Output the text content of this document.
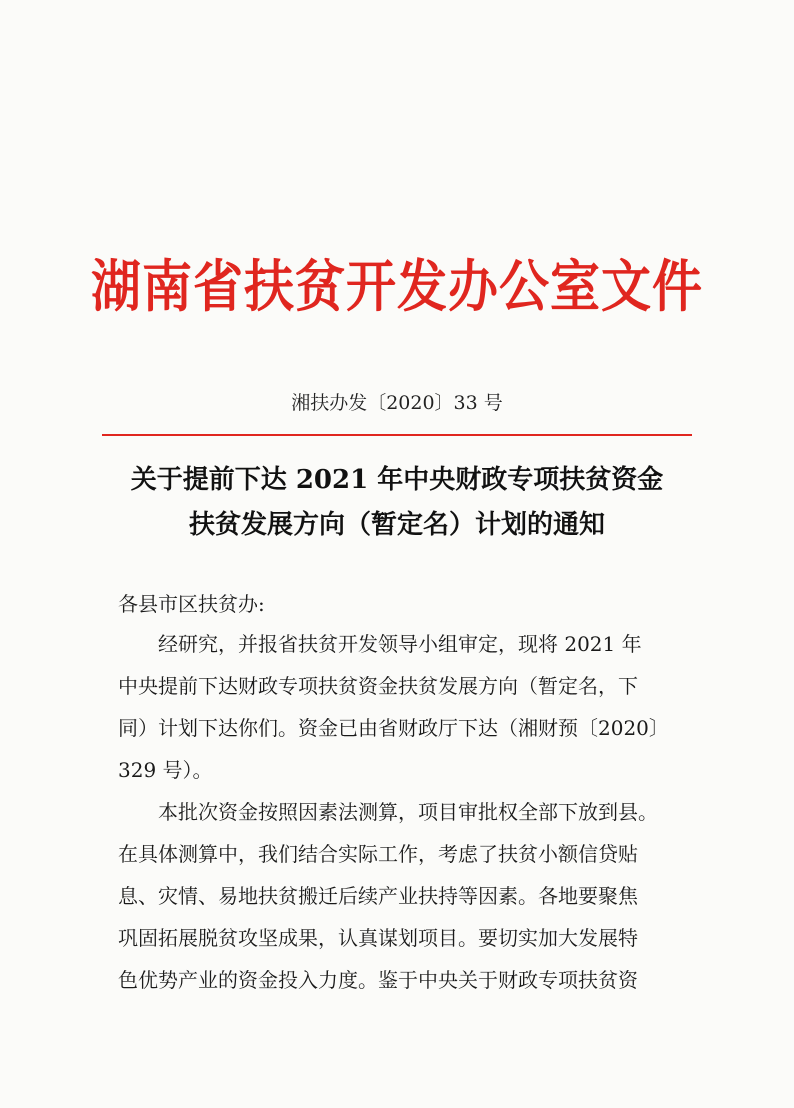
湖南省扶贫开发办公室文件
湘扶办发〔2020〕33 号
关于提前下达 2021 年中央财政专项扶贫资金
扶贫发展方向（暂定名）计划的通知
各县市区扶贫办:
　　经研究，并报省扶贫开发领导小组审定，现将 2021 年
中央提前下达财政专项扶贫资金扶贫发展方向（暂定名，下
同）计划下达你们。资金已由省财政厅下达（湘财预〔2020〕
329 号）。
　　本批次资金按照因素法测算，项目审批权全部下放到县。
在具体测算中，我们结合实际工作，考虑了扶贫小额信贷贴
息、灾情、易地扶贫搬迁后续产业扶持等因素。各地要聚焦
巩固拓展脱贫攻坚成果，认真谋划项目。要切实加大发展特
色优势产业的资金投入力度。鉴于中央关于财政专项扶贫资
